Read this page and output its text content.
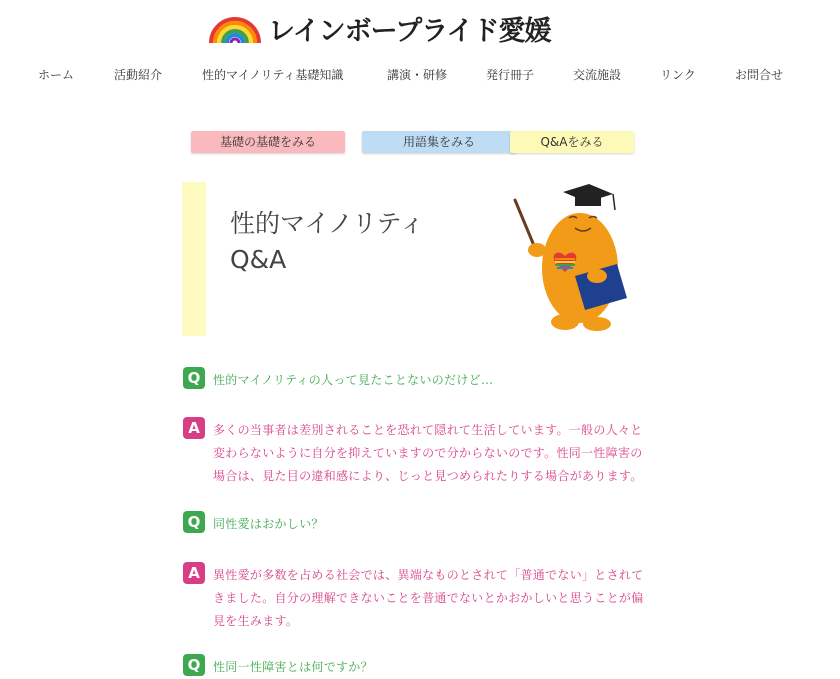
レインボープライド愛媛
ホーム	活動紹介	性的マイノリティ基礎知識	講演・研修	発行冊子	交流施設	リンク	お問合せ
基礎の基礎をみる	用語集をみる	Q&Aをみる
性的マイノリティ
Q&A
Q	性的マイノリティの人って見たことないのだけど…
A	多くの当事者は差別されることを恐れて隠れて生活しています。一般の人々と変わらないように自分を抑えていますので分からないのです。性同一性障害の場合は、見た目の違和感により、じっと見つめられたりする場合があります。
Q	同性愛はおかしい？
A	異性愛が多数を占める社会では、異端なものとされて「普通でない」とされてきました。自分の理解できないことを普通でないとかおかしいと思うことが偏見を生みます。
Q	性同一性障害とは何ですか？
